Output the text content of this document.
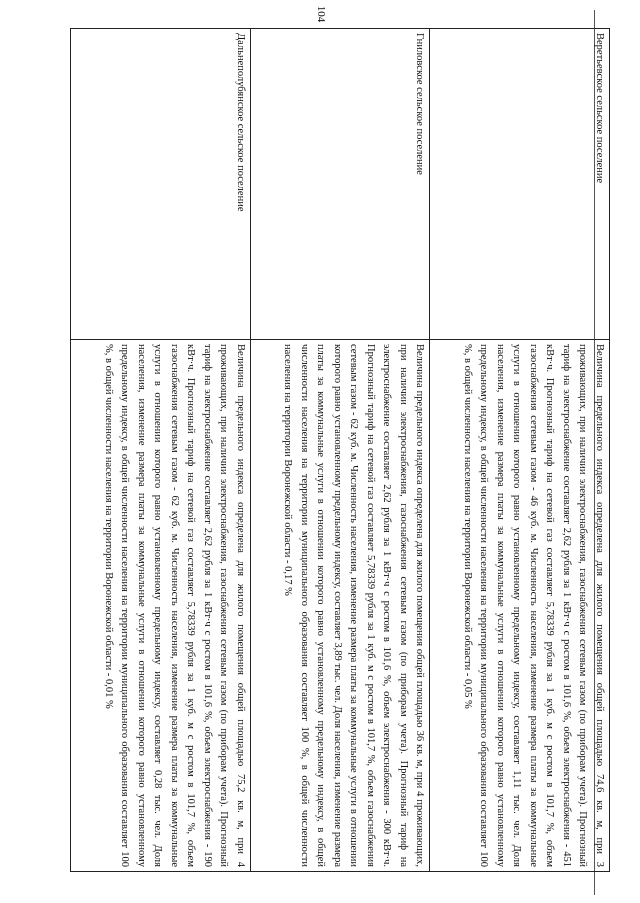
104
Веретьевское сельское поселение	Величина предельного индекса определена для жилого помещения общей площадью 74,6 кв. м, при 3 проживающих, при наличии электроснабжения, газоснабжения сетевым газом (по приборам учета). Прогнозный тариф на электроснабжение составляет 2,62 рубля за 1 кВт·ч с ростом в 101,6 %, объем электроснабжения - 451 кВт·ч. Прогнозный тариф на сетевой газ составляет 5,78339 рубля за 1 куб. м с ростом в 101,7 %, объем газоснабжения сетевым газом - 46 куб. м. Численность населения, изменение размера платы за коммунальные услуги в отношении которого равно установленному предельному индексу, составляет 1,11 тыс. чел. Доля населения, изменение размера платы за коммунальные услуги в отношении которого равно установленному предельному индексу, в общей численности населения на территории муниципального образования составляет 100 %, в общей численности населения на территории Воронежской области - 0,05 %
Гниловское сельское поселение	Величина предельного индекса определена для жилого помещения общей площадью 36 кв. м, при 4 проживающих, при наличии электроснабжения, газоснабжения сетевым газом (по приборам учета). Прогнозный тариф на электроснабжение составляет 2,62 рубля за 1 кВт·ч с ростом в 101,6 %, объем электроснабжения - 300 кВт·ч. Прогнозный тариф на сетевой газ составляет 5,78339 рубля за 1 куб. м с ростом в 101,7 %, объем газоснабжения сетевым газом - 62 куб. м. Численность населения, изменение размера платы за коммунальные услуги в отношении которого равно установленному предельному индексу, составляет 3,89 тыс. чел. Доля населения, изменение размера платы за коммунальные услуги в отношении которого равно установленному предельному индексу, в общей численности населения на территории муниципального образования составляет 100 %, в общей численности населения на территории Воронежской области - 0,17 %
Дальнеполубянское сельское поселение	Величина предельного индекса определена для жилого помещения общей площадью 75,2 кв. м, при 4 проживающих, при наличии электроснабжения, газоснабжения сетевым газом (по приборам учета). Прогнозный тариф на электроснабжение составляет 2,62 рубля за 1 кВт·ч с ростом в 101,6 %, объем электроснабжения - 190 кВт·ч. Прогнозный тариф на сетевой газ составляет 5,78339 рубля за 1 куб. м с ростом в 101,7 %, объем газоснабжения сетевым газом - 62 куб. м. Численность населения, изменение размера платы за коммунальные услуги в отношении которого равно установленному предельному индексу, составляет 0,28 тыс. чел. Доля населения, изменение размера платы за коммунальные услуги в отношении которого равно установленному предельному индексу, в общей численности населения на территории муниципального образования составляет 100 %, в общей численности населения на территории Воронежской области - 0,01 %
